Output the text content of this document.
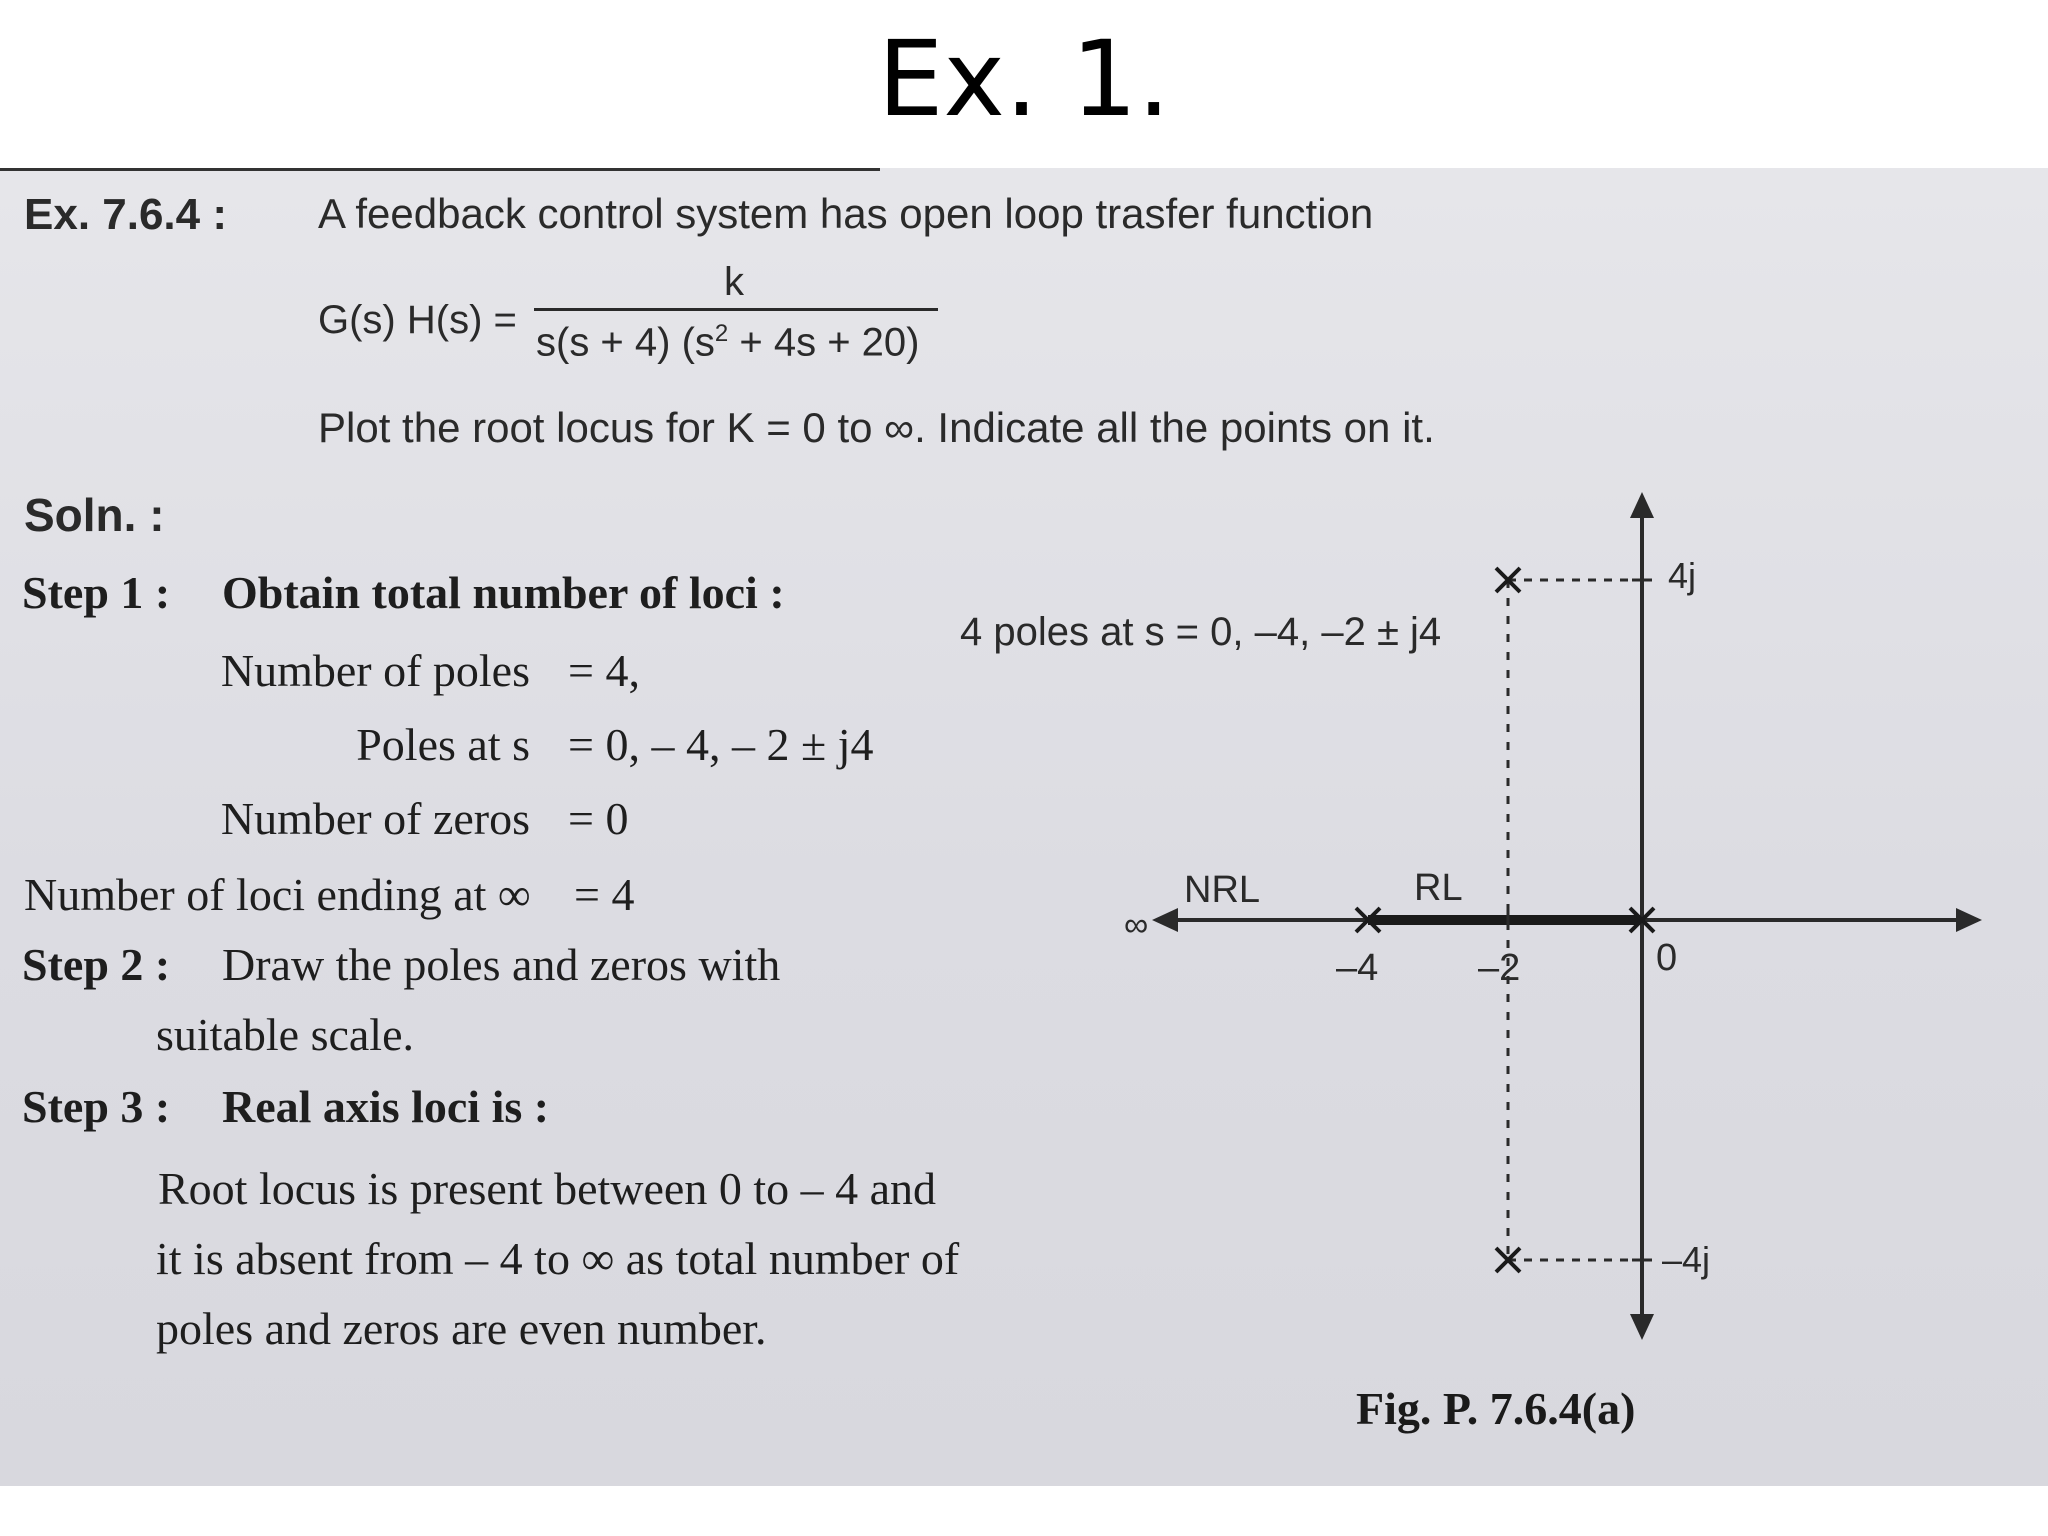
Ex. 1.
Ex. 7.6.4 : A feedback control system has open loop trasfer function
G(s) H(s) =
k
s(s + 4) $(s^2 + 4s + 20)$
Plot the root locus for K = 0 to ∞. Indicate all the points on it.
Soln. :
Step 1 : Obtain total number of loci :
Number of poles = 4,
Poles at s = 0, – 4, – 2 ± j4
Number of zeros = 0
Number of loci ending at ∞ = 4
Step 2 : Draw the poles and zeros with
suitable scale.
Step 3 : Real axis loci is :
Root locus is present between 0 to – 4 and
it is absent from – 4 to ∞ as total number of
poles and zeros are even number.
4 poles at s = 0, –4, –2 ± j4
NRL	RL
∞
–4	–2	0
4j
–4j
Fig. P. 7.6.4(a)
